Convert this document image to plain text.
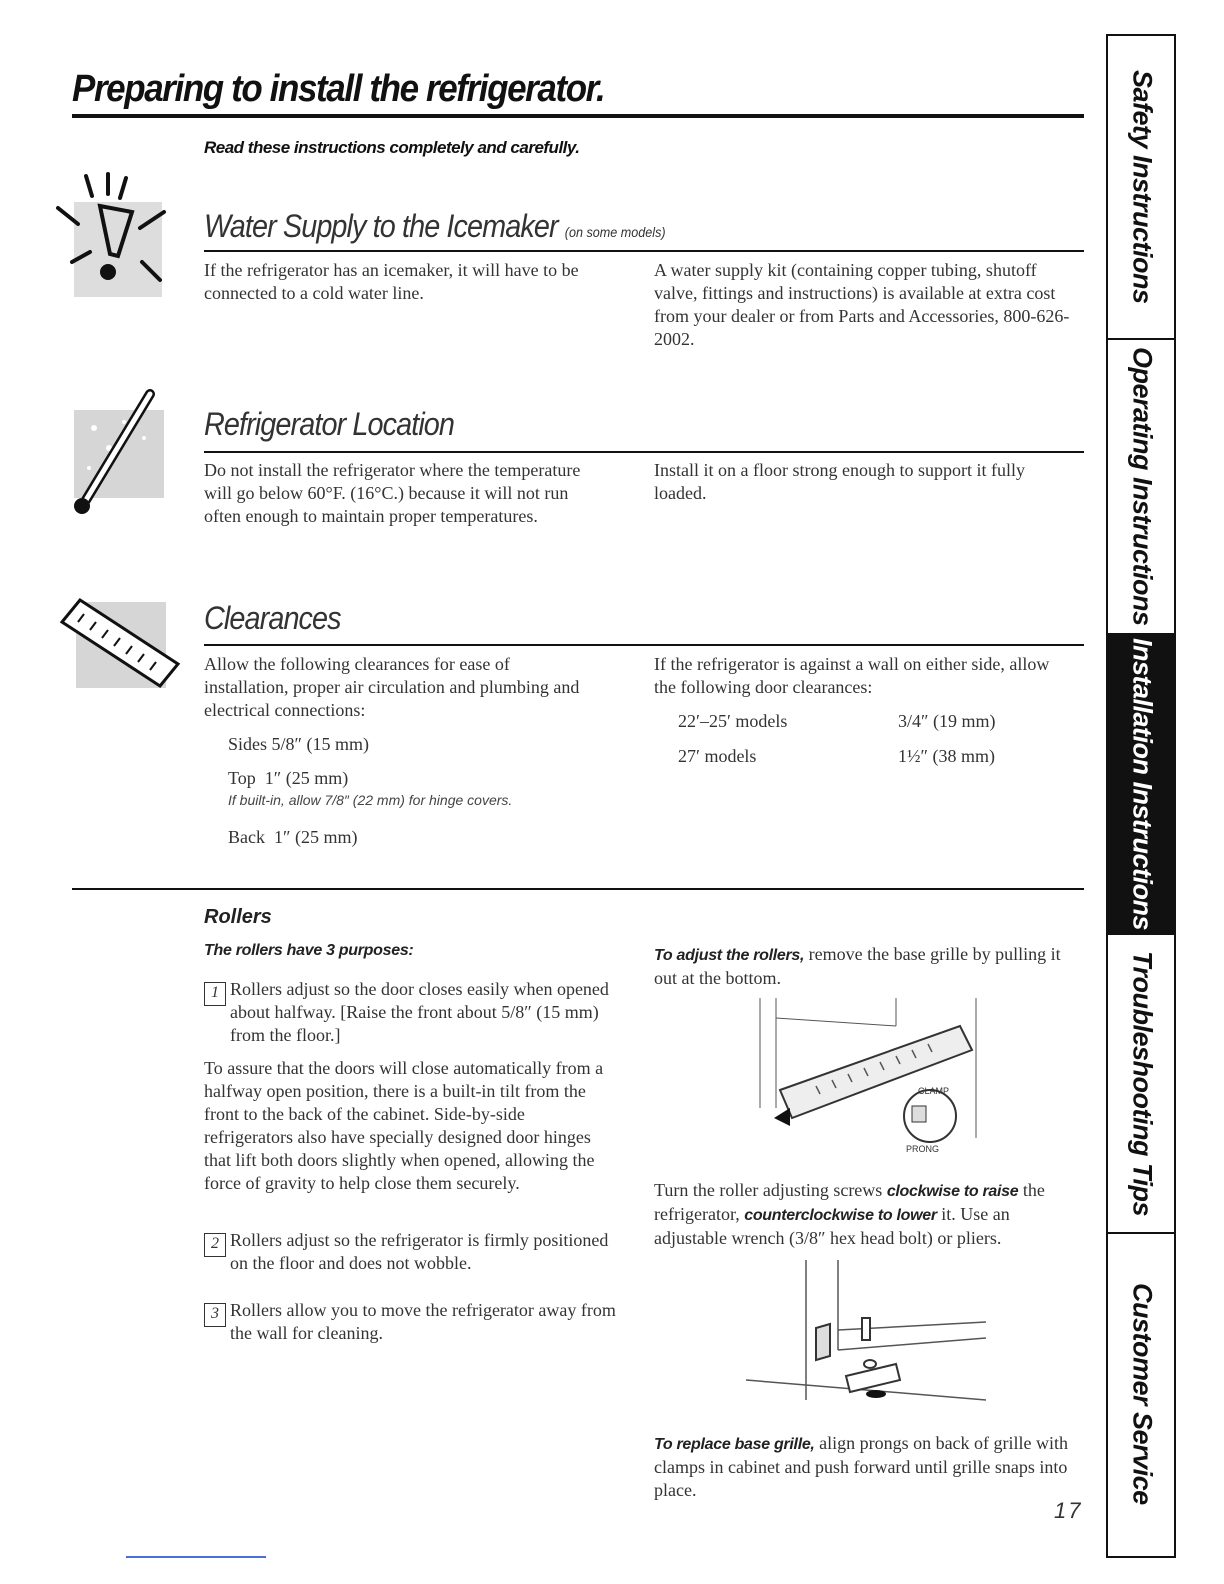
Preparing to install the refrigerator.
Read these instructions completely and carefully.
Water Supply to the Icemaker (on some models)
If the refrigerator has an icemaker, it will have to be connected to a cold water line.
A water supply kit (containing copper tubing, shutoff valve, fittings and instructions) is available at extra cost from your dealer or from Parts and Accessories, 800-626-2002.
Refrigerator Location
Do not install the refrigerator where the temperature will go below 60°F. (16°C.) because it will not run often enough to maintain proper temperatures.
Install it on a floor strong enough to support it fully loaded.
Clearances
Allow the following clearances for ease of installation, proper air circulation and plumbing and electrical connections:
Sides 5/8″ (15 mm)
Top  1″ (25 mm)
If built-in, allow 7/8″ (22 mm) for hinge covers.
Back  1″ (25 mm)
If the refrigerator is against a wall on either side, allow the following door clearances:
22′–25′ models	3/4″ (19 mm)
27′ models	1½″ (38 mm)
Rollers
The rollers have 3 purposes:
1 Rollers adjust so the door closes easily when opened about halfway. [Raise the front about 5/8″ (15 mm) from the floor.]
To assure that the doors will close automatically from a halfway open position, there is a built-in tilt from the front to the back of the cabinet. Side-by-side refrigerators also have specially designed door hinges that lift both doors slightly when opened, allowing the force of gravity to help close them securely.
2 Rollers adjust so the refrigerator is firmly positioned on the floor and does not wobble.
3 Rollers allow you to move the refrigerator away from the wall for cleaning.
To adjust the rollers, remove the base grille by pulling it out at the bottom.
CLAMP
PRONG
Turn the roller adjusting screws clockwise to raise the refrigerator, counterclockwise to lower it. Use an adjustable wrench (3/8″ hex head bolt) or pliers.
To replace base grille, align prongs on back of grille with clamps in cabinet and push forward until grille snaps into place.
17
Safety Instructions
Operating Instructions
Installation Instructions
Troubleshooting Tips
Customer Service
